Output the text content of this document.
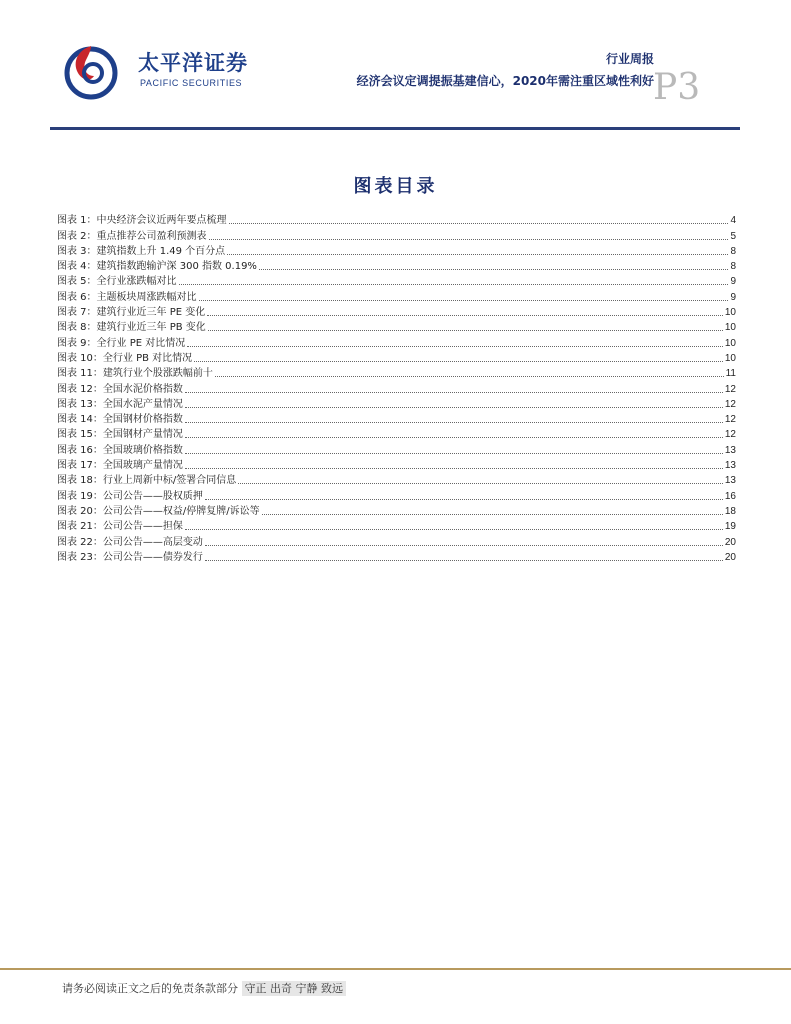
太平洋证券
PACIFIC SECURITIES
行业周报
经济会议定调提振基建信心，2020年需注重区域性利好 P3
图表目录
图表 1：中央经济会议近两年要点梳理	4
图表 2：重点推荐公司盈利预测表	5
图表 3：建筑指数上升 1.49 个百分点	8
图表 4：建筑指数跑输沪深 300 指数 0.19%	8
图表 5：全行业涨跌幅对比	9
图表 6：主题板块周涨跌幅对比	9
图表 7：建筑行业近三年 PE 变化	10
图表 8：建筑行业近三年 PB 变化	10
图表 9：全行业 PE 对比情况	10
图表 10：全行业 PB 对比情况	10
图表 11：建筑行业个股涨跌幅前十	11
图表 12：全国水泥价格指数	12
图表 13：全国水泥产量情况	12
图表 14：全国钢材价格指数	12
图表 15：全国钢材产量情况	12
图表 16：全国玻璃价格指数	13
图表 17：全国玻璃产量情况	13
图表 18：行业上周新中标/签署合同信息	13
图表 19：公司公告——股权质押	16
图表 20：公司公告——权益/停牌复牌/诉讼等	18
图表 21：公司公告——担保	19
图表 22：公司公告——高层变动	20
图表 23：公司公告——债券发行	20
请务必阅读正文之后的免责条款部分 守正 出奇 宁静 致远
